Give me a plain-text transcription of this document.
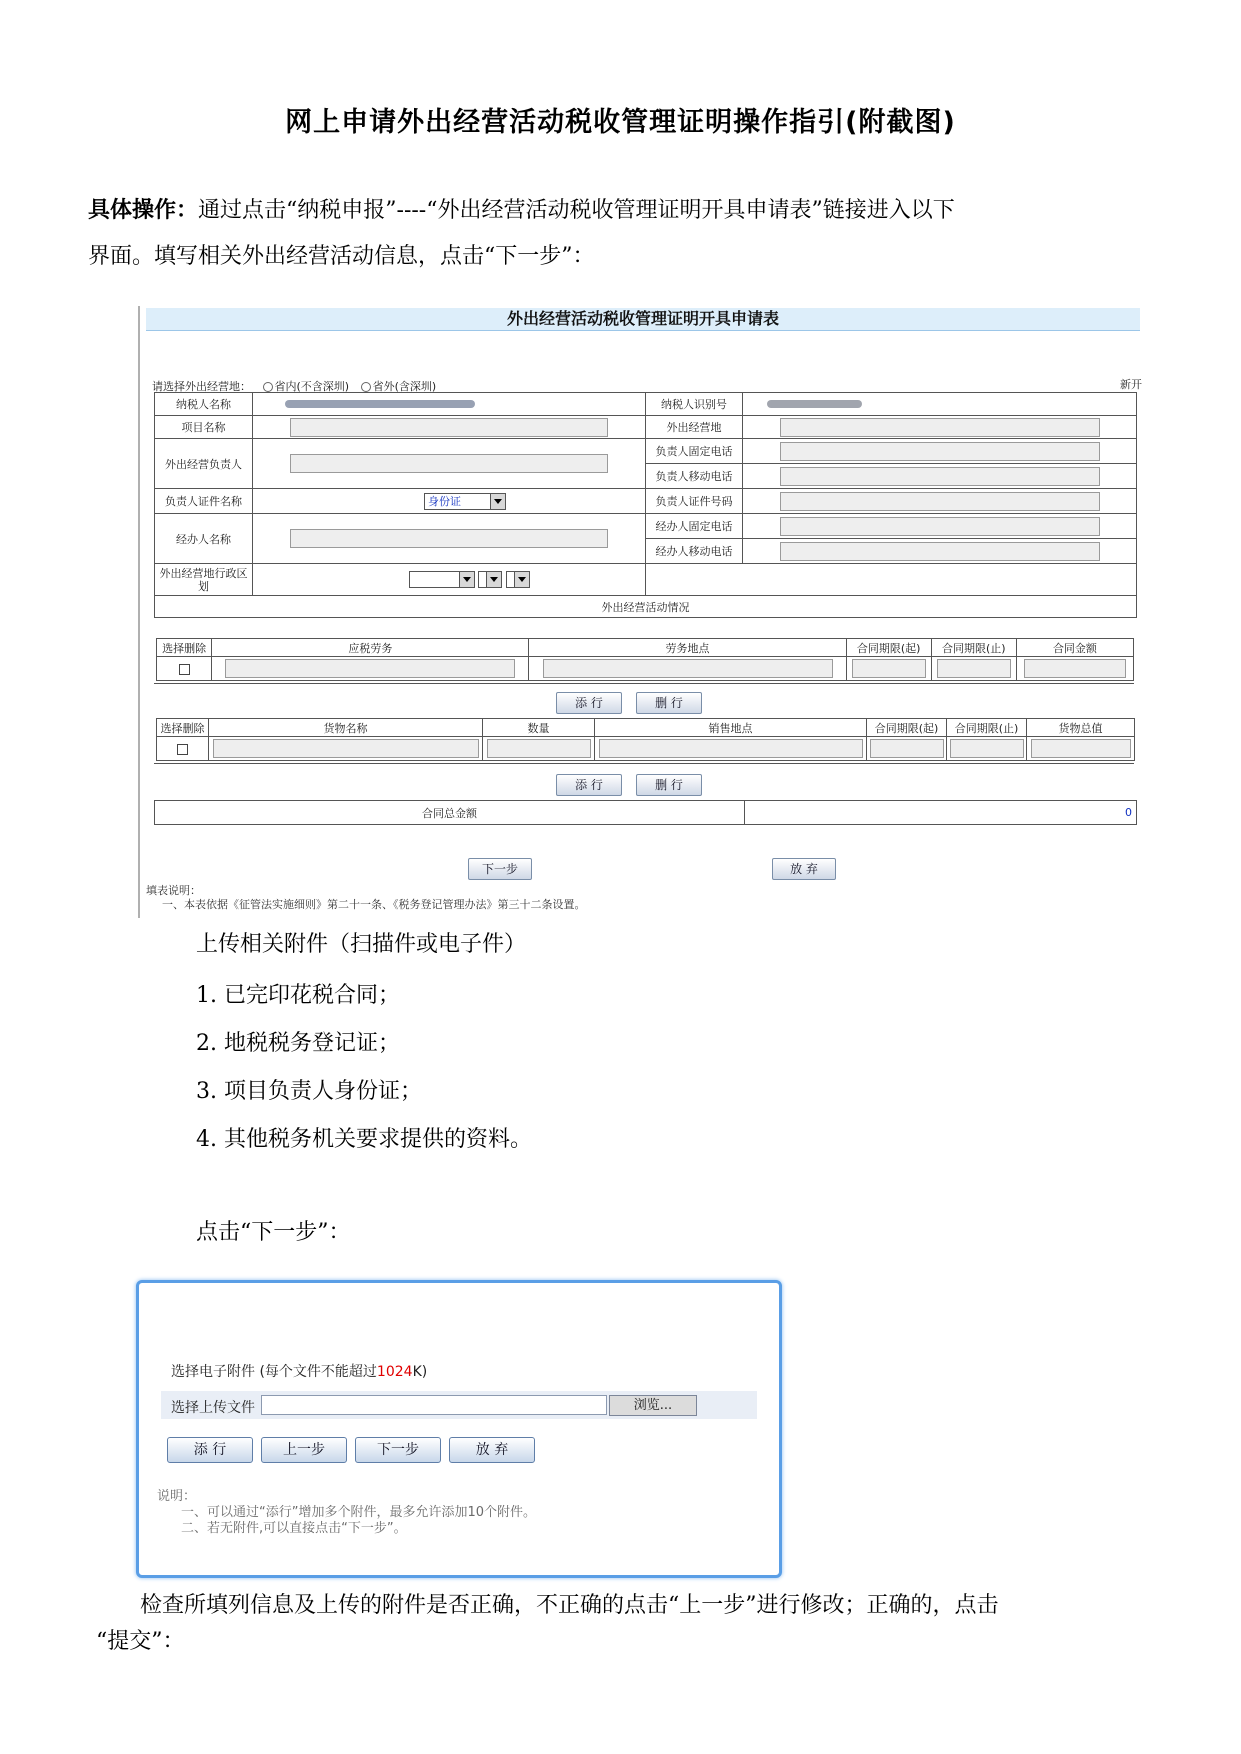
网上申请外出经营活动税收管理证明操作指引(附截图)
具体操作：通过点击“纳税申报”----“外出经营活动税收管理证明开具申请表”链接进入以下
界面。填写相关外出经营活动信息，点击“下一步”：
外出经营活动税收管理证明开具申请表
请选择外出经营地： 省内(不含深圳) 省外(含深圳)	新开
纳税人名称		纳税人识别号	
项目名称		外出经营地	
外出经营负责人		负责人固定电话	
		负责人移动电话	
负责人证件名称	身份证	负责人证件号码	
经办人名称		经办人固定电话	
		经办人移动电话	
外出经营地行政区划		

外出经营活动情况			
选择删除	应税劳务	劳务地点	合同期限(起)	合同期限(止)	合同金额

添 行	删 行
选择删除	货物名称	数量	销售地点	合同期限(起)	合同期限(止)	货物总值

添 行	删 行
合同总金额	0
下一步	放 弃
填表说明：
一、本表依据《征管法实施细则》第二十一条、《税务登记管理办法》第三十二条设置。
上传相关附件（扫描件或电子件）
1. 已完印花税合同；
2. 地税税务登记证；
3. 项目负责人身份证；
4. 其他税务机关要求提供的资料。
点击“下一步”：
选择电子附件 (每个文件不能超过1024K)
选择上传文件	浏览...
添 行	上一步	下一步	放 弃
说明：
一、可以通过“添行”增加多个附件，最多允许添加10个附件。
二、若无附件,可以直接点击“下一步”。
检查所填列信息及上传的附件是否正确，不正确的点击“上一步”进行修改；正确的，点击
“提交”：
